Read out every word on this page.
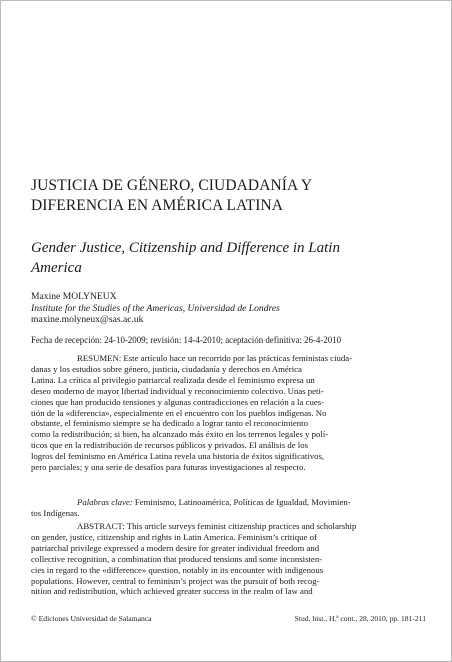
JUSTICIA DE GÉNERO, CIUDADANÍA Y
DIFERENCIA EN AMÉRICA LATINA
Gender Justice, Citizenship and Difference in Latin
America
Maxine MOLYNEUX
Institute for the Studies of the Americas, Universidad de Londres
maxine.molyneux@sas.ac.uk
Fecha de recepción: 24-10-2009; revisión: 14-4-2010; aceptación definitiva: 26-4-2010
RESUMEN: Este artículo hace un recorrido por las prácticas feministas ciuda-
danas y los estudios sobre género, justicia, ciudadanía y derechos en América
Latina. La crítica al privilegio patriarcal realizada desde el feminismo expresa un
deseo moderno de mayor libertad individual y reconocimiento colectivo. Unas peti-
ciones que han producido tensiones y algunas contradicciones en relación a la cues-
tión de la «diferencia», especialmente en el encuentro con los pueblos indígenas. No
obstante, el feminismo siempre se ha dedicado a lograr tanto el reconocimiento
como la redistribución; si bien, ha alcanzado más éxito en los terrenos legales y polí-
ticos que en la redistribución de recursos públicos y privados. El análisis de los
logros del feminismo en América Latina revela una historia de éxitos significativos,
pero parciales; y una serie de desafíos para futuras investigaciones al respecto.
Palabras clave: Feminismo, Latinoamérica, Políticas de Igualdad, Movimien-
tos Indígenas.
ABSTRACT: This article surveys feminist citizenship practices and scholarship
on gender, justice, citizenship and rights in Latin America. Feminism’s critique of
patriarchal privilege expressed a modern desire for greater individual freedom and
collective recognition, a combination that produced tensions and some inconsisten-
cies in regard to the «difference» question, notably in its encounter with indigenous
populations. However, central to feminism’s project was the pursuit of both recog-
nition and redistribution, which achieved greater success in the realm of law and
© Ediciones Universidad de Salamanca	Stud. hist., H.ª cont., 28, 2010, pp. 181-211
